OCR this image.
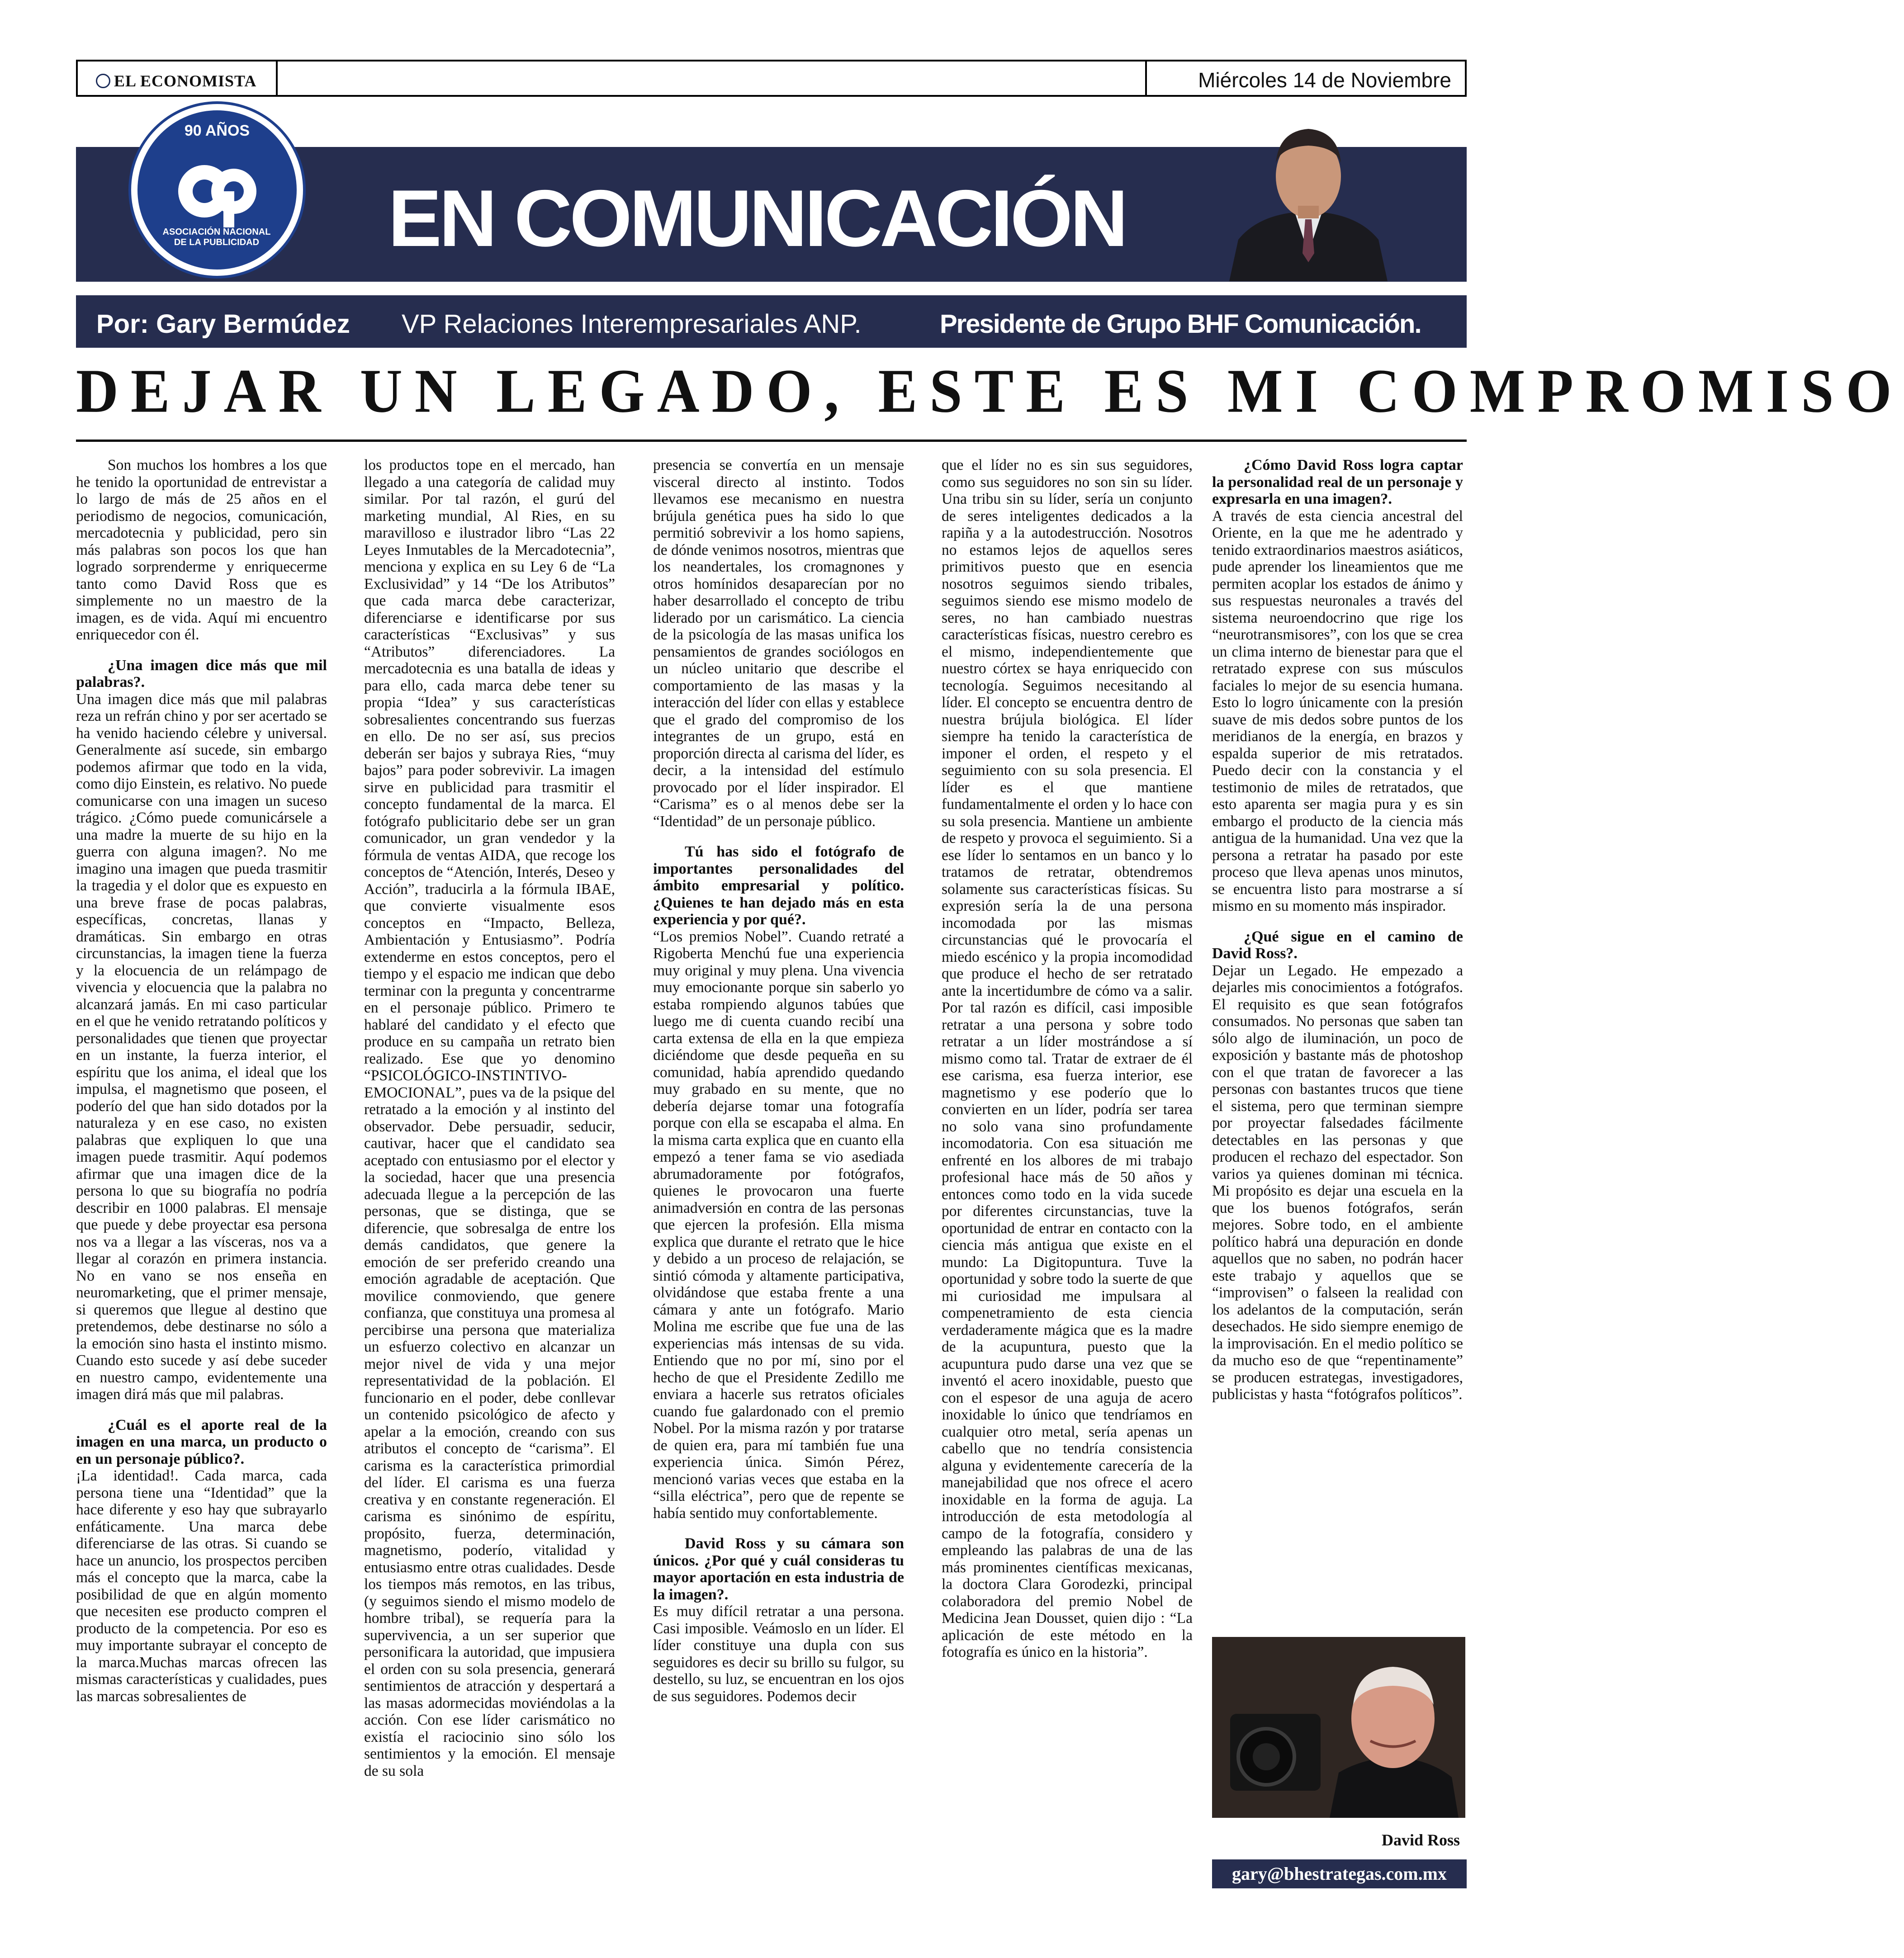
EL ECONOMISTA	Miércoles 14 de Noviembre
EN COMUNICACIÓN
90 AÑOS
ASOCIACIÓN NACIONAL DE LA PUBLICIDAD
Por: Gary Bermúdez VP Relaciones Interempresariales ANP.	Presidente de Grupo BHF Comunicación.
DEJAR UN LEGADO, ESTE ES MI COMPROMISO

Son muchos los hombres a los que he tenido la oportunidad de entrevistar a lo largo de más de 25 años en el periodismo de negocios, comunicación, mercadotecnia y publicidad, pero sin más palabras son pocos los que han logrado sorprenderme y enriquecerme tanto como David Ross que es simplemente no un maestro de la imagen, es de vida. Aquí mi encuentro enriquecedor con él.

¿Una imagen dice más que mil palabras?.

Una imagen dice más que mil palabras reza un refrán chino y por ser acertado se ha venido haciendo célebre y universal. Generalmente así sucede, sin embargo podemos afirmar que todo en la vida, como dijo Einstein, es relativo. No puede comunicarse con una imagen un suceso trágico. ¿Cómo puede comunicársele a una madre la muerte de su hijo en la guerra con alguna imagen?. No me imagino una imagen que pueda trasmitir la tragedia y el dolor que es expuesto en una breve frase de pocas palabras, específicas, concretas, llanas y dramáticas. Sin embargo en otras circunstancias, la imagen tiene la fuerza y la elocuencia de un relámpago de vivencia y elocuencia que la palabra no alcanzará jamás. En mi caso particular en el que he venido retratando políticos y personalidades que tienen que proyectar en un instante, la fuerza interior, el espíritu que los anima, el ideal que los impulsa, el magnetismo que poseen, el poderío del que han sido dotados por la naturaleza y en ese caso, no existen palabras que expliquen lo que una imagen puede trasmitir. Aquí podemos afirmar que una imagen dice de la persona lo que su biografía no podría describir en 1000 palabras. El mensaje que puede y debe proyectar esa persona nos va a llegar a las vísceras, nos va a llegar al corazón en primera instancia. No en vano se nos enseña en neuromarketing, que el primer mensaje, si queremos que llegue al destino que pretendemos, debe destinarse no sólo a la emoción sino hasta el instinto mismo. Cuando esto sucede y así debe suceder en nuestro campo, evidentemente una imagen dirá más que mil palabras.

¿Cuál es el aporte real de la imagen en una marca, un producto o en un personaje público?.

¡La identidad!. Cada marca, cada persona tiene una “Identidad” que la hace diferente y eso hay que subrayarlo enfáticamente. Una marca debe diferenciarse de las otras. Si cuando se hace un anuncio, los prospectos perciben más el concepto que la marca, cabe la posibilidad de que en algún momento que necesiten ese producto compren el producto de la competencia. Por eso es muy importante subrayar el concepto de la marca.Muchas marcas ofrecen las mismas características y cualidades, pues las marcas sobresalientes de

los productos tope en el mercado, han llegado a una categoría de calidad muy similar. Por tal razón, el gurú del marketing mundial, Al Ries, en su maravilloso e ilustrador libro “Las 22 Leyes Inmutables de la Mercadotecnia”, menciona y explica en su Ley 6 de “La Exclusividad” y 14 “De los Atributos” que cada marca debe caracterizar, diferenciarse e identificarse por sus características “Exclusivas” y sus “Atributos” diferenciadores. La mercadotecnia es una batalla de ideas y para ello, cada marca debe tener su propia “Idea” y sus características sobresalientes concentrando sus fuerzas en ello. De no ser así, sus precios deberán ser bajos y subraya Ries, “muy bajos” para poder sobrevivir. La imagen sirve en publicidad para trasmitir el concepto fundamental de la marca. El fotógrafo publicitario debe ser un gran comunicador, un gran vendedor y la fórmula de ventas AIDA, que recoge los conceptos de “Atención, Interés, Deseo y Acción”, traducirla a la fórmula IBAE, que convierte visualmente esos conceptos en “Impacto, Belleza, Ambientación y Entusiasmo”. Podría extenderme en estos conceptos, pero el tiempo y el espacio me indican que debo terminar con la pregunta y concentrarme en el personaje público. Primero te hablaré del candidato y el efecto que produce en su campaña un retrato bien realizado. Ese que yo denomino “PSICOLÓGICO-INSTINTIVO-EMOCIONAL”, pues va de la psique del retratado a la emoción y al instinto del observador. Debe persuadir, seducir, cautivar, hacer que el candidato sea aceptado con entusiasmo por el elector y la sociedad, hacer que una presencia adecuada llegue a la percepción de las personas, que se distinga, que se diferencie, que sobresalga de entre los demás candidatos, que genere la emoción de ser preferido creando una emoción agradable de aceptación. Que movilice conmoviendo, que genere confianza, que constituya una promesa al percibirse una persona que materializa un esfuerzo colectivo en alcanzar un mejor nivel de vida y una mejor representatividad de la población. El funcionario en el poder, debe conllevar un contenido psicológico de afecto y apelar a la emoción, creando con sus atributos el concepto de “carisma”. El carisma es la característica primordial del líder. El carisma es una fuerza creativa y en constante regeneración. El carisma es sinónimo de espíritu, propósito, fuerza, determinación, magnetismo, poderío, vitalidad y entusiasmo entre otras cualidades. Desde los tiempos más remotos, en las tribus, (y seguimos siendo el mismo modelo de hombre tribal), se requería para la supervivencia, a un ser superior que personificara la autoridad, que impusiera el orden con su sola presencia, generará sentimientos de atracción y despertará a las masas adormecidas moviéndolas a la acción. Con ese líder carismático no existía el raciocinio sino sólo los sentimientos y la emoción. El mensaje de su sola

presencia se convertía en un mensaje visceral directo al instinto. Todos llevamos ese mecanismo en nuestra brújula genética pues ha sido lo que permitió sobrevivir a los homo sapiens, de dónde venimos nosotros, mientras que los neandertales, los cromagnones y otros homínidos desaparecían por no haber desarrollado el concepto de tribu liderado por un carismático. La ciencia de la psicología de las masas unifica los pensamientos de grandes sociólogos en un núcleo unitario que describe el comportamiento de las masas y la interacción del líder con ellas y establece que el grado del compromiso de los integrantes de un grupo, está en proporción directa al carisma del líder, es decir, a la intensidad del estímulo provocado por el líder inspirador. El “Carisma” es o al menos debe ser la “Identidad” de un personaje público.

Tú has sido el fotógrafo de importantes personalidades del ámbito empresarial y político. ¿Quienes te han dejado más en esta experiencia y por qué?.

“Los premios Nobel”. Cuando retraté a Rigoberta Menchú fue una experiencia muy original y muy plena. Una vivencia muy emocionante porque sin saberlo yo estaba rompiendo algunos tabúes que luego me di cuenta cuando recibí una carta extensa de ella en la que empieza diciéndome que desde pequeña en su comunidad, había aprendido quedando muy grabado en su mente, que no debería dejarse tomar una fotografía porque con ella se escapaba el alma. En la misma carta explica que en cuanto ella empezó a tener fama se vio asediada abrumadoramente por fotógrafos, quienes le provocaron una fuerte animadversión en contra de las personas que ejercen la profesión. Ella misma explica que durante el retrato que le hice y debido a un proceso de relajación, se sintió cómoda y altamente participativa, olvidándose que estaba frente a una cámara y ante un fotógrafo. Mario Molina me escribe que fue una de las experiencias más intensas de su vida. Entiendo que no por mí, sino por el hecho de que el Presidente Zedillo me enviara a hacerle sus retratos oficiales cuando fue galardonado con el premio Nobel. Por la misma razón y por tratarse de quien era, para mí también fue una experiencia única. Simón Pérez, mencionó varias veces que estaba en la “silla eléctrica”, pero que de repente se había sentido muy confortablemente.

David Ross y su cámara son únicos. ¿Por qué y cuál consideras tu mayor aportación en esta industria de la imagen?.

Es muy difícil retratar a una persona. Casi imposible. Veámoslo en un líder. El líder constituye una dupla con sus seguidores es decir su brillo su fulgor, su destello, su luz, se encuentran en los ojos de sus seguidores. Podemos decir

que el líder no es sin sus seguidores, como sus seguidores no son sin su líder. Una tribu sin su líder, sería un conjunto de seres inteligentes dedicados a la rapiña y a la autodestrucción. Nosotros no estamos lejos de aquellos seres primitivos puesto que en esencia nosotros seguimos siendo tribales, seguimos siendo ese mismo modelo de seres, no han cambiado nuestras características físicas, nuestro cerebro es el mismo, independientemente que nuestro córtex se haya enriquecido con tecnología. Seguimos necesitando al líder. El concepto se encuentra dentro de nuestra brújula biológica. El líder siempre ha tenido la característica de imponer el orden, el respeto y el seguimiento con su sola presencia. El líder es el que mantiene fundamentalmente el orden y lo hace con su sola presencia. Mantiene un ambiente de respeto y provoca el seguimiento. Si a ese líder lo sentamos en un banco y lo tratamos de retratar, obtendremos solamente sus características físicas. Su expresión sería la de una persona incomodada por las mismas circunstancias qué le provocaría el miedo escénico y la propia incomodidad que produce el hecho de ser retratado ante la incertidumbre de cómo va a salir. Por tal razón es difícil, casi imposible retratar a una persona y sobre todo retratar a un líder mostrándose a sí mismo como tal. Tratar de extraer de él ese carisma, esa fuerza interior, ese magnetismo y ese poderío que lo convierten en un líder, podría ser tarea no solo vana sino profundamente incomodatoria. Con esa situación me enfrenté en los albores de mi trabajo profesional hace más de 50 años y entonces como todo en la vida sucede por diferentes circunstancias, tuve la oportunidad de entrar en contacto con la ciencia más antigua que existe en el mundo: La Digitopuntura. Tuve la oportunidad y sobre todo la suerte de que mi curiosidad me impulsara al compenetramiento de esta ciencia verdaderamente mágica que es la madre de la acupuntura, puesto que la acupuntura pudo darse una vez que se inventó el acero inoxidable, puesto que con el espesor de una aguja de acero inoxidable lo único que tendríamos en cualquier otro metal, sería apenas un cabello que no tendría consistencia alguna y evidentemente carecería de la manejabilidad que nos ofrece el acero inoxidable en la forma de aguja. La introducción de esta metodología al campo de la fotografía, considero y empleando las palabras de una de las más prominentes científicas mexicanas, la doctora Clara Gorodezki, principal colaboradora del premio Nobel de Medicina Jean Dousset, quien dijo : “La aplicación de este método en la fotografía es único en la historia”.

¿Cómo David Ross logra captar la personalidad real de un personaje y expresarla en una imagen?.

A través de esta ciencia ancestral del Oriente, en la que me he adentrado y tenido extraordinarios maestros asiáticos, pude aprender los lineamientos que me permiten acoplar los estados de ánimo y sus respuestas neuronales a través del sistema neuroendocrino que rige los “neurotransmisores”, con los que se crea un clima interno de bienestar para que el retratado exprese con sus músculos faciales lo mejor de su esencia humana. Esto lo logro únicamente con la presión suave de mis dedos sobre puntos de los meridianos de la energía, en brazos y espalda superior de mis retratados. Puedo decir con la constancia y el testimonio de miles de retratados, que esto aparenta ser magia pura y es sin embargo el producto de la ciencia más antigua de la humanidad. Una vez que la persona a retratar ha pasado por este proceso que lleva apenas unos minutos, se encuentra listo para mostrarse a sí mismo en su momento más inspirador.

¿Qué sigue en el camino de David Ross?.

Dejar un Legado. He empezado a dejarles mis conocimientos a fotógrafos. El requisito es que sean fotógrafos consumados. No personas que saben tan sólo algo de iluminación, un poco de exposición y bastante más de photoshop con el que tratan de favorecer a las personas con bastantes trucos que tiene el sistema, pero que terminan siempre por proyectar falsedades fácilmente detectables en las personas y que producen el rechazo del espectador. Son varios ya quienes dominan mi técnica. Mi propósito es dejar una escuela en la que los buenos fotógrafos, serán mejores. Sobre todo, en el ambiente político habrá una depuración en donde aquellos que no saben, no podrán hacer este trabajo y aquellos que se “improvisen” o falseen la realidad con los adelantos de la computación, serán desechados. He sido siempre enemigo de la improvisación. En el medio político se da mucho eso de que “repentinamente” se producen estrategas, investigadores, publicistas y hasta “fotógrafos políticos”.

David Ross
gary@bhestrategas.com.mx
